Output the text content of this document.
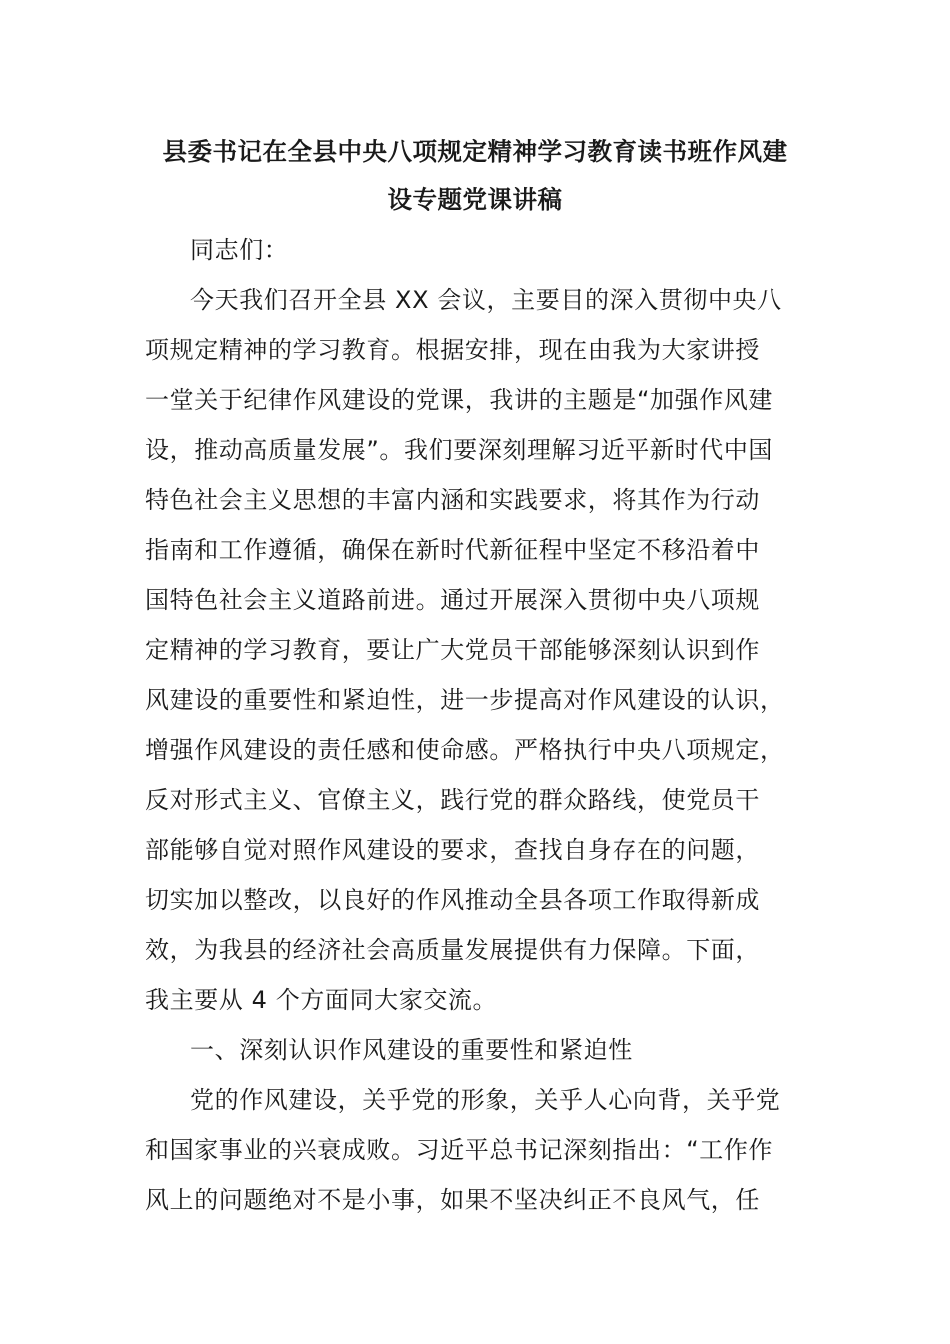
县委书记在全县中央八项规定精神学习教育读书班作风建
设专题党课讲稿

同志们：

今天我们召开全县 XX 会议，主要目的深入贯彻中央八

项规定精神的学习教育。根据安排，现在由我为大家讲授

一堂关于纪律作风建设的党课，我讲的主题是“加强作风建

设，推动高质量发展”。我们要深刻理解习近平新时代中国

特色社会主义思想的丰富内涵和实践要求，将其作为行动

指南和工作遵循，确保在新时代新征程中坚定不移沿着中

国特色社会主义道路前进。通过开展深入贯彻中央八项规

定精神的学习教育，要让广大党员干部能够深刻认识到作

风建设的重要性和紧迫性，进一步提高对作风建设的认识，

增强作风建设的责任感和使命感。严格执行中央八项规定，

反对形式主义、官僚主义，践行党的群众路线，使党员干

部能够自觉对照作风建设的要求，查找自身存在的问题，

切实加以整改，以良好的作风推动全县各项工作取得新成

效，为我县的经济社会高质量发展提供有力保障。下面，

我主要从 4 个方面同大家交流。

一、深刻认识作风建设的重要性和紧迫性

党的作风建设，关乎党的形象，关乎人心向背，关乎党

和国家事业的兴衰成败。习近平总书记深刻指出：“工作作

风上的问题绝对不是小事，如果不坚决纠正不良风气，任
